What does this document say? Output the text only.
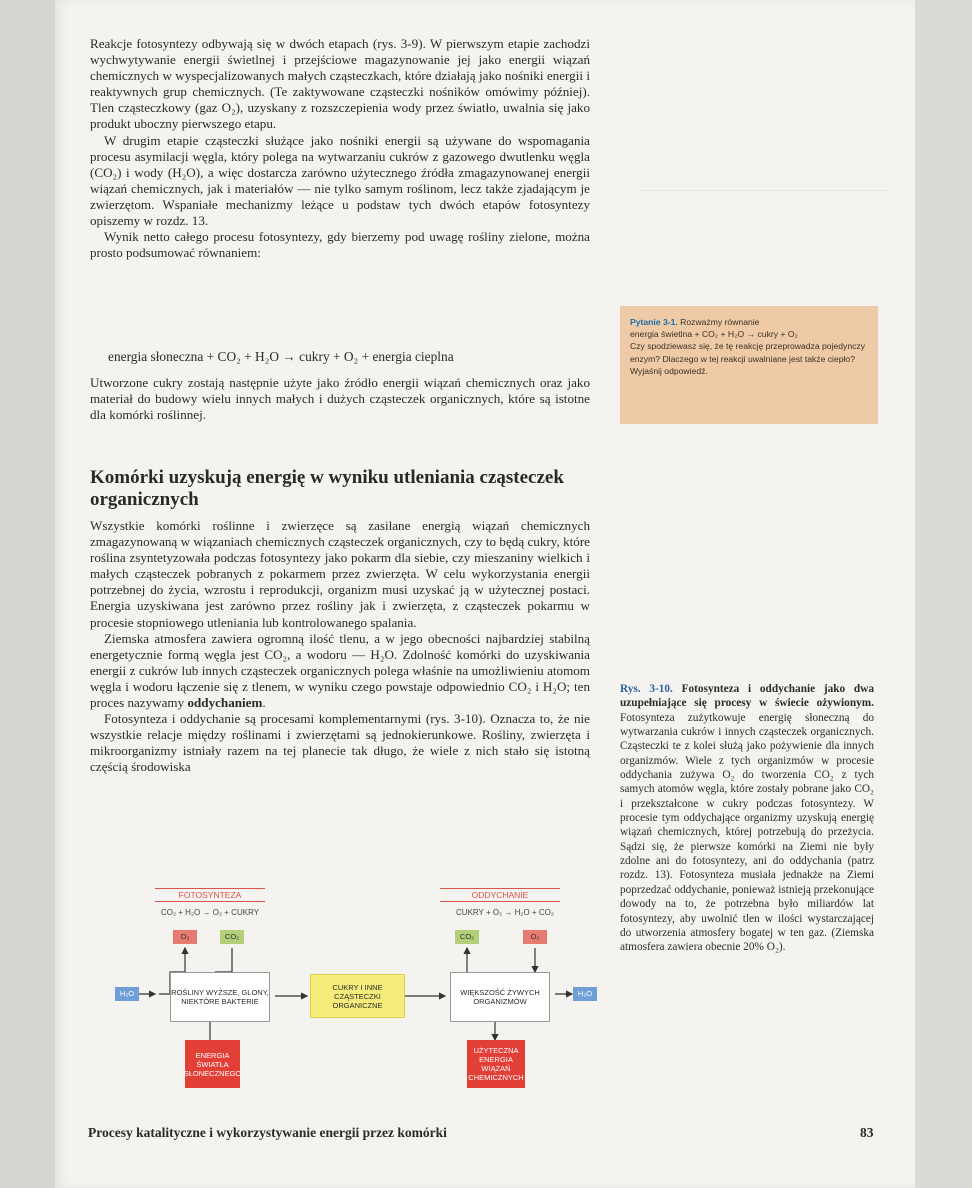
Reakcje fotosyntezy odbywają się w dwóch etapach (rys. 3-9). W pierwszym etapie zachodzi wychwytywanie energii świetlnej i przejściowe magazynowanie jej jako energii wiązań chemicznych w wyspecjalizowanych małych cząsteczkach, które działają jako nośniki energii i reaktywnych grup chemicznych. (Te zaktywowane cząsteczki nośników omówimy później). Tlen cząsteczkowy (gaz O₂), uzyskany z rozszczepienia wody przez światło, uwalnia się jako produkt uboczny pierwszego etapu.

W drugim etapie cząsteczki służące jako nośniki energii są używane do wspomagania procesu asymilacji węgla, który polega na wytwarzaniu cukrów z gazowego dwutlenku węgla (CO₂) i wody (H₂O), a więc dostarcza zarówno użytecznego źródła zmagazynowanej energii wiązań chemicznych, jak i materiałów — nie tylko samym roślinom, lecz także zjadającym je zwierzętom. Wspaniałe mechanizmy leżące u podstaw tych dwóch etapów fotosyntezy opiszemy w rozdz. 13.

Wynik netto całego procesu fotosyntezy, gdy bierzemy pod uwagę rośliny zielone, można prosto podsumować równaniem:

energia słoneczna + CO₂ + H₂O → cukry + O₂ + energia cieplna

Utworzone cukry zostają następnie użyte jako źródło energii wiązań chemicznych oraz jako materiał do budowy wielu innych małych i dużych cząsteczek organicznych, które są istotne dla komórki roślinnej.

Pytanie 3-1. Rozważmy równanie
energia świetlna + CO₂ + H₂O → cukry + O₂
Czy spodziewasz się, że tę reakcję przeprowadza pojedynczy enzym? Dlaczego w tej reakcji uwalniane jest także ciepło? Wyjaśnij odpowiedź.
Komórki uzyskują energię w wyniku utleniania cząsteczek organicznych

Wszystkie komórki roślinne i zwierzęce są zasilane energią wiązań chemicznych zmagazynowaną w wiązaniach chemicznych cząsteczek organicznych, czy to będą cukry, które roślina zsyntetyzowała podczas fotosyntezy jako pokarm dla siebie, czy mieszaniny wielkich i małych cząsteczek pobranych z pokarmem przez zwierzęta. W celu wykorzystania energii potrzebnej do życia, wzrostu i reprodukcji, organizm musi uzyskać ją w użytecznej postaci. Energia uzyskiwana jest zarówno przez rośliny jak i zwierzęta, z cząsteczek pokarmu w procesie stopniowego utleniania lub kontrolowanego spalania.

Ziemska atmosfera zawiera ogromną ilość tlenu, a w jego obecności najbardziej stabilną energetycznie formą węgla jest CO₂, a wodoru — H₂O. Zdolność komórki do uzyskiwania energii z cukrów lub innych cząsteczek organicznych polega właśnie na umożliwieniu atomom węgla i wodoru łączenie się z tlenem, w wyniku czego powstaje odpowiednio CO₂ i H₂O; ten proces nazywamy oddychaniem.

Fotosynteza i oddychanie są procesami komplementarnymi (rys. 3-10). Oznacza to, że nie wszystkie relacje między roślinami i zwierzętami są jednokierunkowe. Rośliny, zwierzęta i mikroorganizmy istniały razem na tej planecie tak długo, że wiele z nich stało się istotną częścią środowiska

Rys. 3-10. Fotosynteza i oddychanie jako dwa uzupełniające się procesy w świecie ożywionym. Fotosynteza zużytkowuje energię słoneczną do wytwarzania cukrów i innych cząsteczek organicznych. Cząsteczki te z kolei służą jako pożywienie dla innych organizmów. Wiele z tych organizmów w procesie oddychania zużywa O₂ do tworzenia CO₂ z tych samych atomów węgla, które zostały pobrane jako CO₂ i przekształcone w cukry podczas fotosyntezy. W procesie tym oddychające organizmy uzyskują energię wiązań chemicznych, której potrzebują do przeżycia. Sądzi się, że pierwsze komórki na Ziemi nie były zdolne ani do fotosyntezy, ani do oddychania (patrz rozdz. 13). Fotosynteza musiała jednakże na Ziemi poprzedzać oddychanie, ponieważ istnieją przekonujące dowody na to, że potrzebna było miliardów lat fotosyntezy, aby uwolnić tlen w ilości wystarczającej do utworzenia atmosfery bogatej w ten gaz. (Ziemska atmosfera zawiera obecnie 20% O₂).
FOTOSYNTEZA
CO₂ + H₂O → O₂ + CUKRY
ODDYCHANIE
CUKRY + O₂ → H₂O + CO₂
O₂	CO₂
H₂O	ROŚLINY WYŻSZE, GLONY, NIEKTÓRE BAKTERIE
CUKRY I INNE CZĄSTECZKI ORGANICZNE
WIĘKSZOŚĆ ŻYWYCH ORGANIZMÓW
CO₂	O₂
H₂O
ENERGIA ŚWIATŁA SŁONECZNEGO
UŻYTECZNA ENERGIA WIĄZAŃ CHEMICZNYCH
Procesy katalityczne i wykorzystywanie energii przez komórki	83
